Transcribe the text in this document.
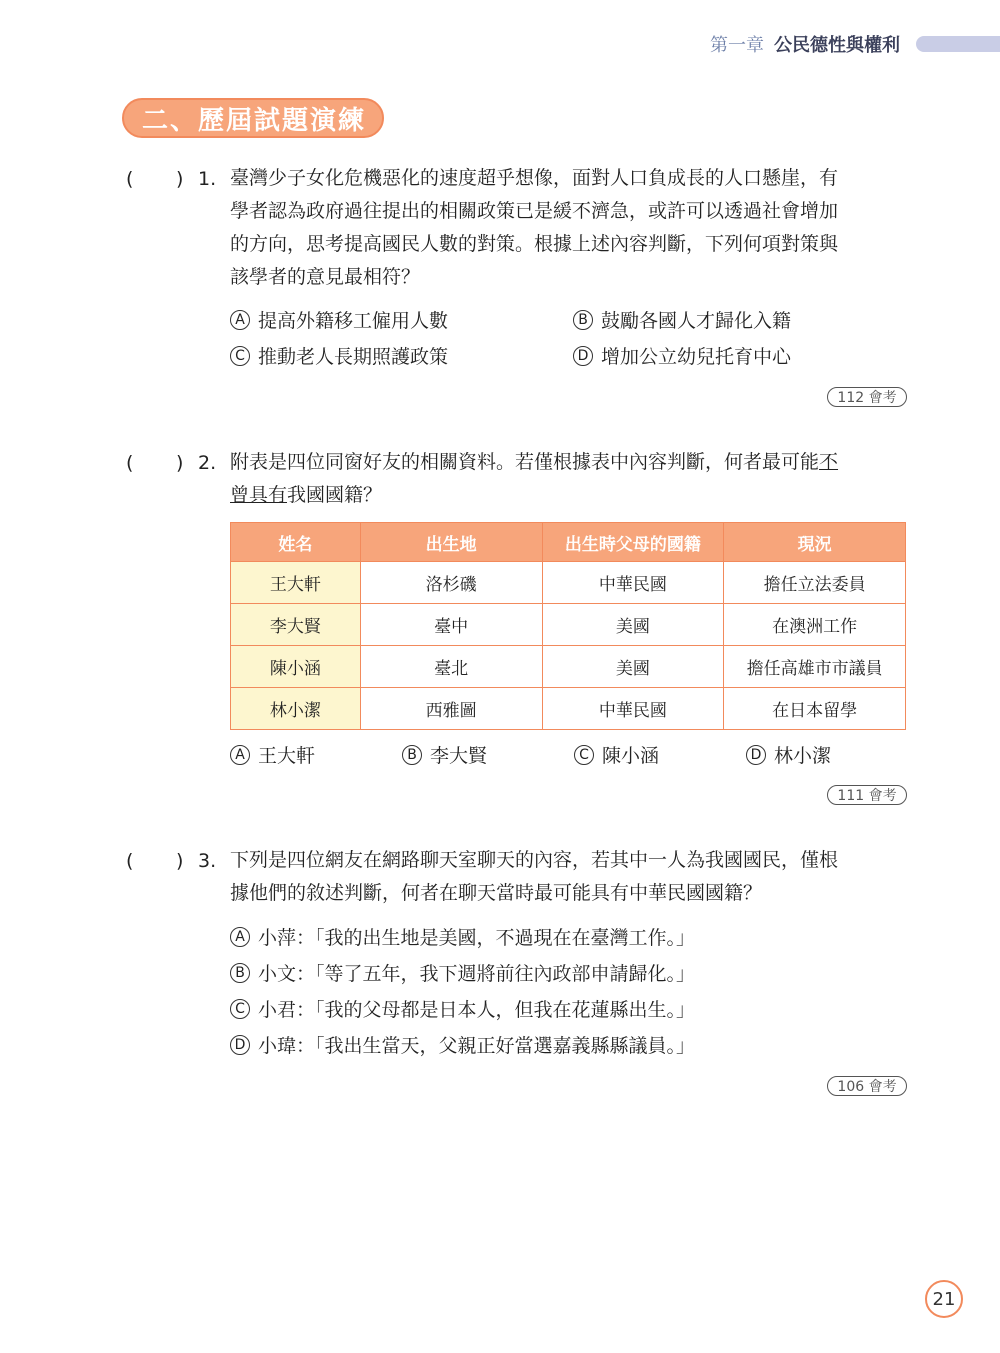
第一章 公民德性與權利
二、歷屆試題演練
( ) 1. 臺灣少子女化危機惡化的速度超乎想像，面對人口負成長的人口懸崖，有
學者認為政府過往提出的相關政策已是緩不濟急，或許可以透過社會增加
的方向，思考提高國民人數的對策。根據上述內容判斷，下列何項對策與
該學者的意見最相符？
A 提高外籍移工僱用人數	B 鼓勵各國人才歸化入籍
C 推動老人長期照護政策	D 增加公立幼兒托育中心
112 會考
( ) 2. 附表是四位同窗好友的相關資料。若僅根據表中內容判斷，何者最可能不
曾具有我國國籍？
姓名	出生地	出生時父母的國籍	現況
王大軒	洛杉磯	中華民國	擔任立法委員
李大賢	臺中	美國	在澳洲工作
陳小涵	臺北	美國	擔任高雄市市議員
林小潔	西雅圖	中華民國	在日本留學
A 王大軒	B 李大賢	C 陳小涵	D 林小潔
111 會考
( ) 3. 下列是四位網友在網路聊天室聊天的內容，若其中一人為我國國民，僅根
據他們的敘述判斷，何者在聊天當時最可能具有中華民國國籍？
A 小萍：「我的出生地是美國，不過現在在臺灣工作。」
B 小文：「等了五年，我下週將前往內政部申請歸化。」
C 小君：「我的父母都是日本人，但我在花蓮縣出生。」
D 小瑋：「我出生當天，父親正好當選嘉義縣縣議員。」
106 會考
21
